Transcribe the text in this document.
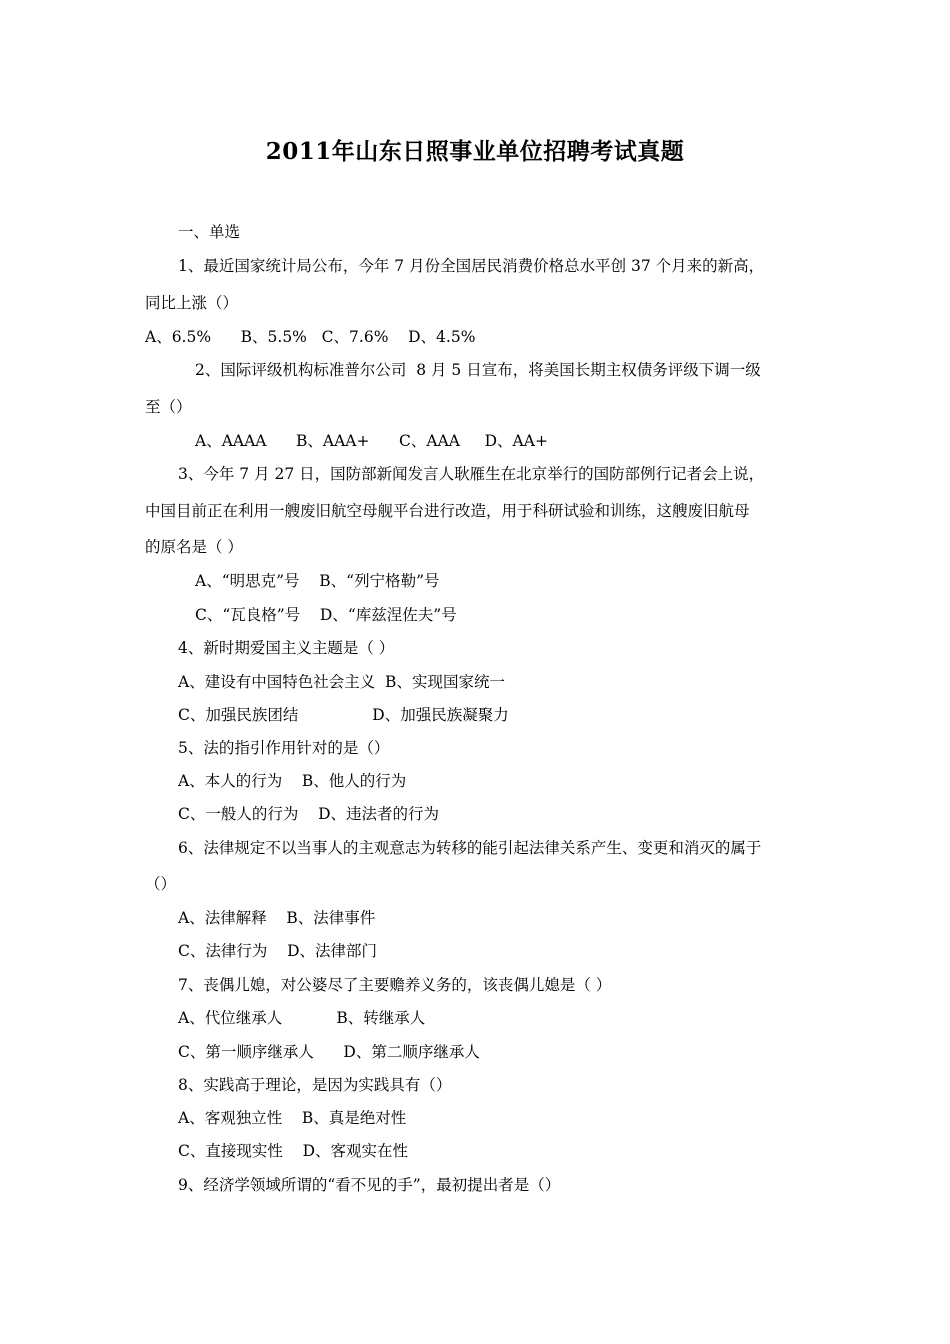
2011年山东日照事业单位招聘考试真题
一、单选
1、最近国家统计局公布，今年 7 月份全国居民消费价格总水平创 37 个月来的新高，
同比上涨（）
A、6.5%      B、5.5%   C、7.6%    D、4.5%
2、国际评级机构标准普尔公司  8 月 5 日宣布，将美国长期主权债务评级下调一级
至（）
A、AAAA      B、AAA+      C、AAA     D、AA+
3、今年 7 月 27 日，国防部新闻发言人耿雁生在北京举行的国防部例行记者会上说，
中国目前正在利用一艘废旧航空母舰平台进行改造，用于科研试验和训练，这艘废旧航母
的原名是（ ）
A、“明思克”号    B、“列宁格勒”号
C、“瓦良格”号    D、“库兹涅佐夫”号
4、新时期爱国主义主题是（ ）
A、建设有中国特色社会主义  B、实现国家统一
C、加强民族团结               D、加强民族凝聚力
5、法的指引作用针对的是（）
A、本人的行为    B、他人的行为
C、一般人的行为    D、违法者的行为
6、法律规定不以当事人的主观意志为转移的能引起法律关系产生、变更和消灭的属于
（）
A、法律解释    B、法律事件
C、法律行为    D、法律部门
7、丧偶儿媳，对公婆尽了主要赡养义务的，该丧偶儿媳是（ ）
A、代位继承人           B、转继承人
C、第一顺序继承人      D、第二顺序继承人
8、实践高于理论，是因为实践具有（）
A、客观独立性    B、真是绝对性
C、直接现实性    D、客观实在性
9、经济学领域所谓的“看不见的手”，最初提出者是（）
